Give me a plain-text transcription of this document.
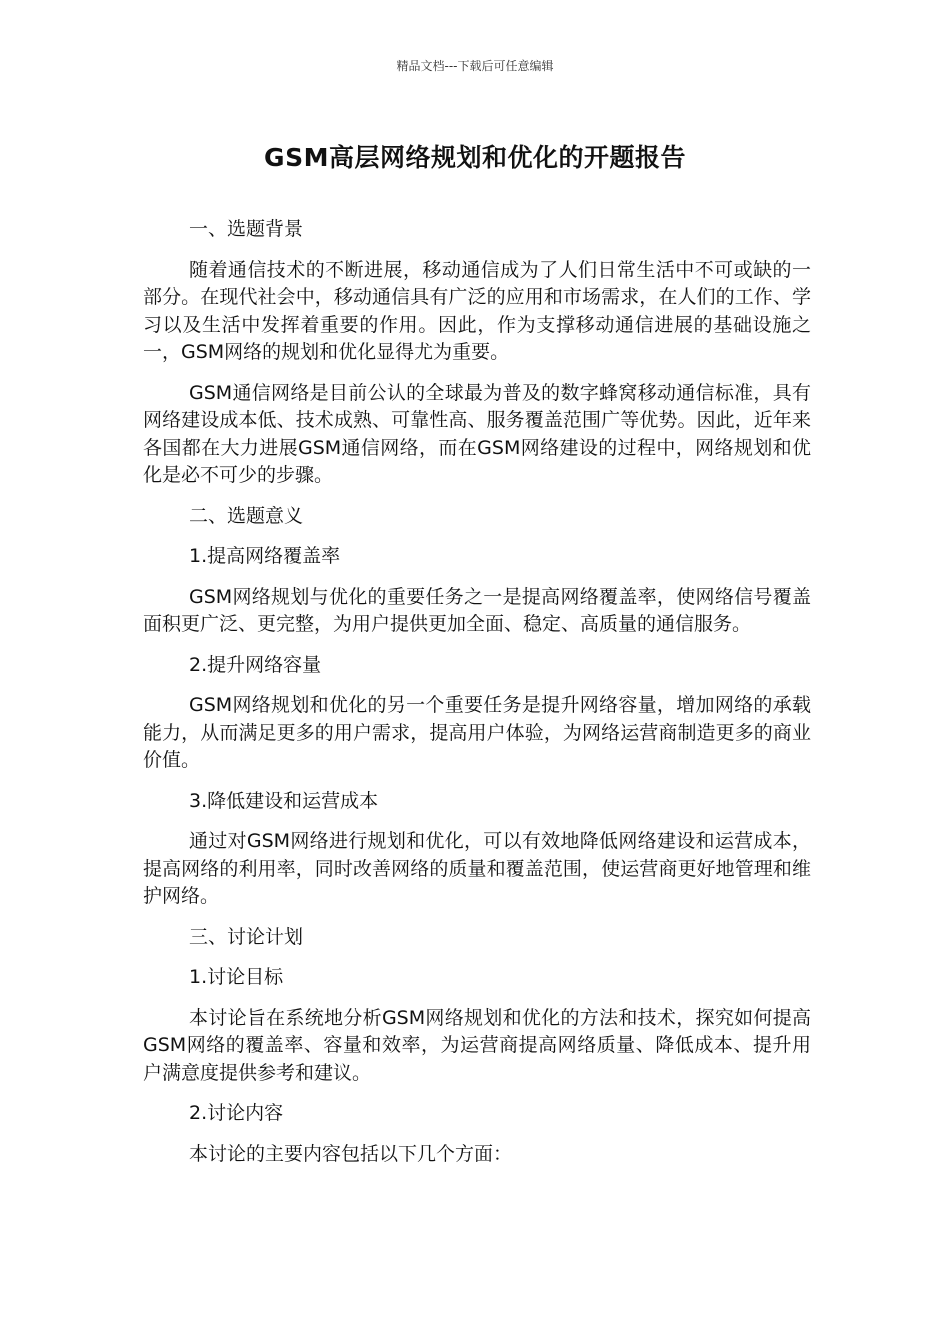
精品文档---下载后可任意编辑
GSM高层网络规划和优化的开题报告

一、选题背景

随着通信技术的不断进展，移动通信成为了人们日常生活中不可或缺的一部分。在现代社会中，移动通信具有广泛的应用和市场需求，在人们的工作、学习以及生活中发挥着重要的作用。因此，作为支撑移动通信进展的基础设施之一，GSM网络的规划和优化显得尤为重要。

GSM通信网络是目前公认的全球最为普及的数字蜂窝移动通信标准，具有网络建设成本低、技术成熟、可靠性高、服务覆盖范围广等优势。因此，近年来各国都在大力进展GSM通信网络，而在GSM网络建设的过程中，网络规划和优化是必不可少的步骤。

二、选题意义

1.提高网络覆盖率

GSM网络规划与优化的重要任务之一是提高网络覆盖率，使网络信号覆盖面积更广泛、更完整，为用户提供更加全面、稳定、高质量的通信服务。

2.提升网络容量

GSM网络规划和优化的另一个重要任务是提升网络容量，增加网络的承载能力，从而满足更多的用户需求，提高用户体验，为网络运营商制造更多的商业价值。

3.降低建设和运营成本

通过对GSM网络进行规划和优化，可以有效地降低网络建设和运营成本，提高网络的利用率，同时改善网络的质量和覆盖范围，使运营商更好地管理和维护网络。

三、讨论计划

1.讨论目标

本讨论旨在系统地分析GSM网络规划和优化的方法和技术，探究如何提高GSM网络的覆盖率、容量和效率，为运营商提高网络质量、降低成本、提升用户满意度提供参考和建议。

2.讨论内容

本讨论的主要内容包括以下几个方面：
